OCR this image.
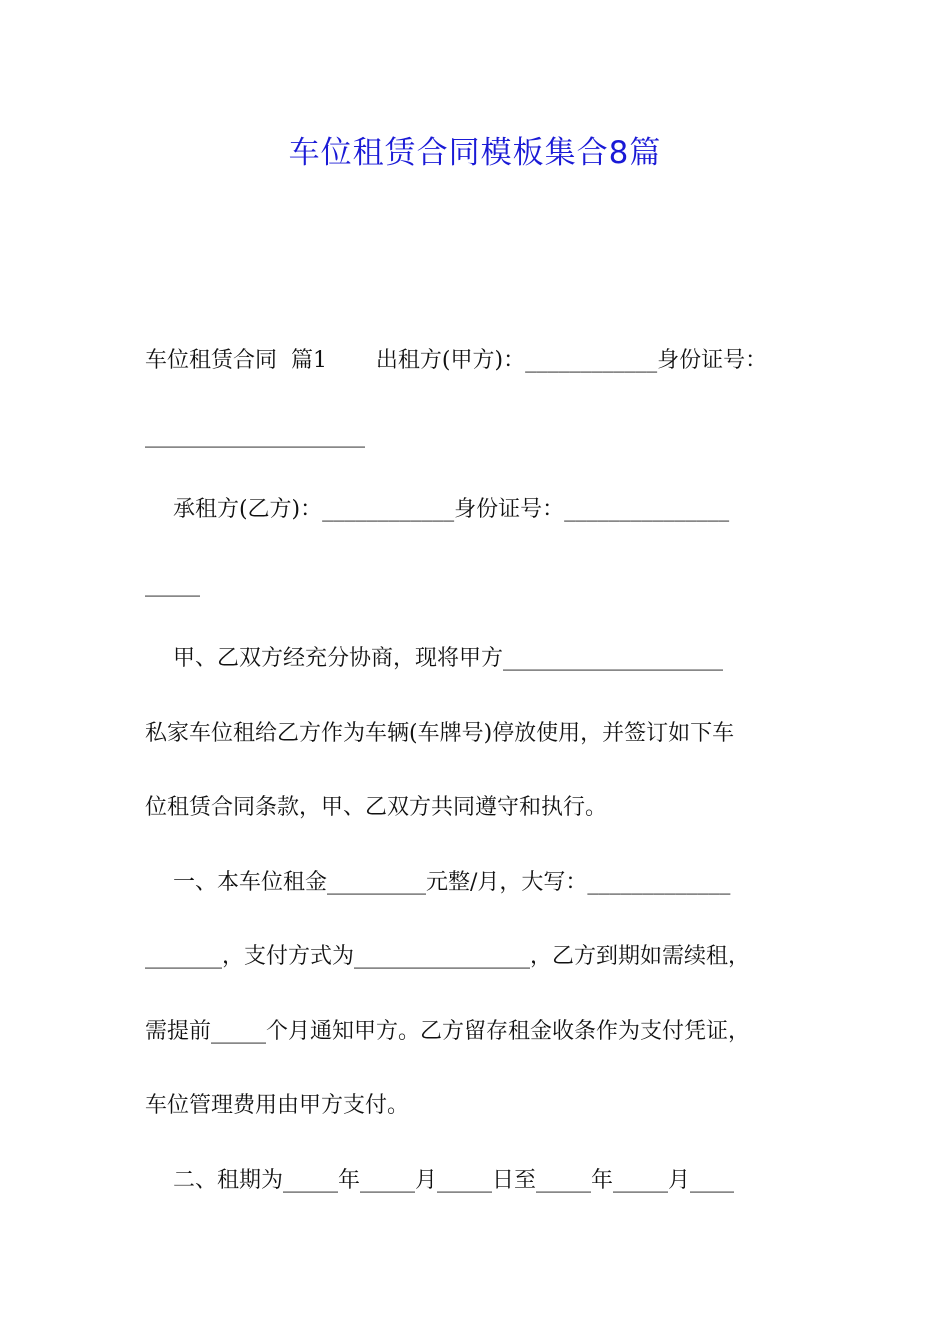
车位租赁合同模板集合8篇

车位租赁合同  篇1       出租方(甲方)：____________身份证号：

____________________

承租方(乙方)：____________身份证号：_______________

_____

甲、乙双方经充分协商，现将甲方____________________

私家车位租给乙方作为车辆(车牌号)停放使用，并签订如下车

位租赁合同条款，甲、乙双方共同遵守和执行。

一、本车位租金_________元整/月，大写：_____________

_______，支付方式为________________，乙方到期如需续租，

需提前_____个月通知甲方。乙方留存租金收条作为支付凭证，

车位管理费用由甲方支付。

二、租期为_____年_____月_____日至_____年_____月____
